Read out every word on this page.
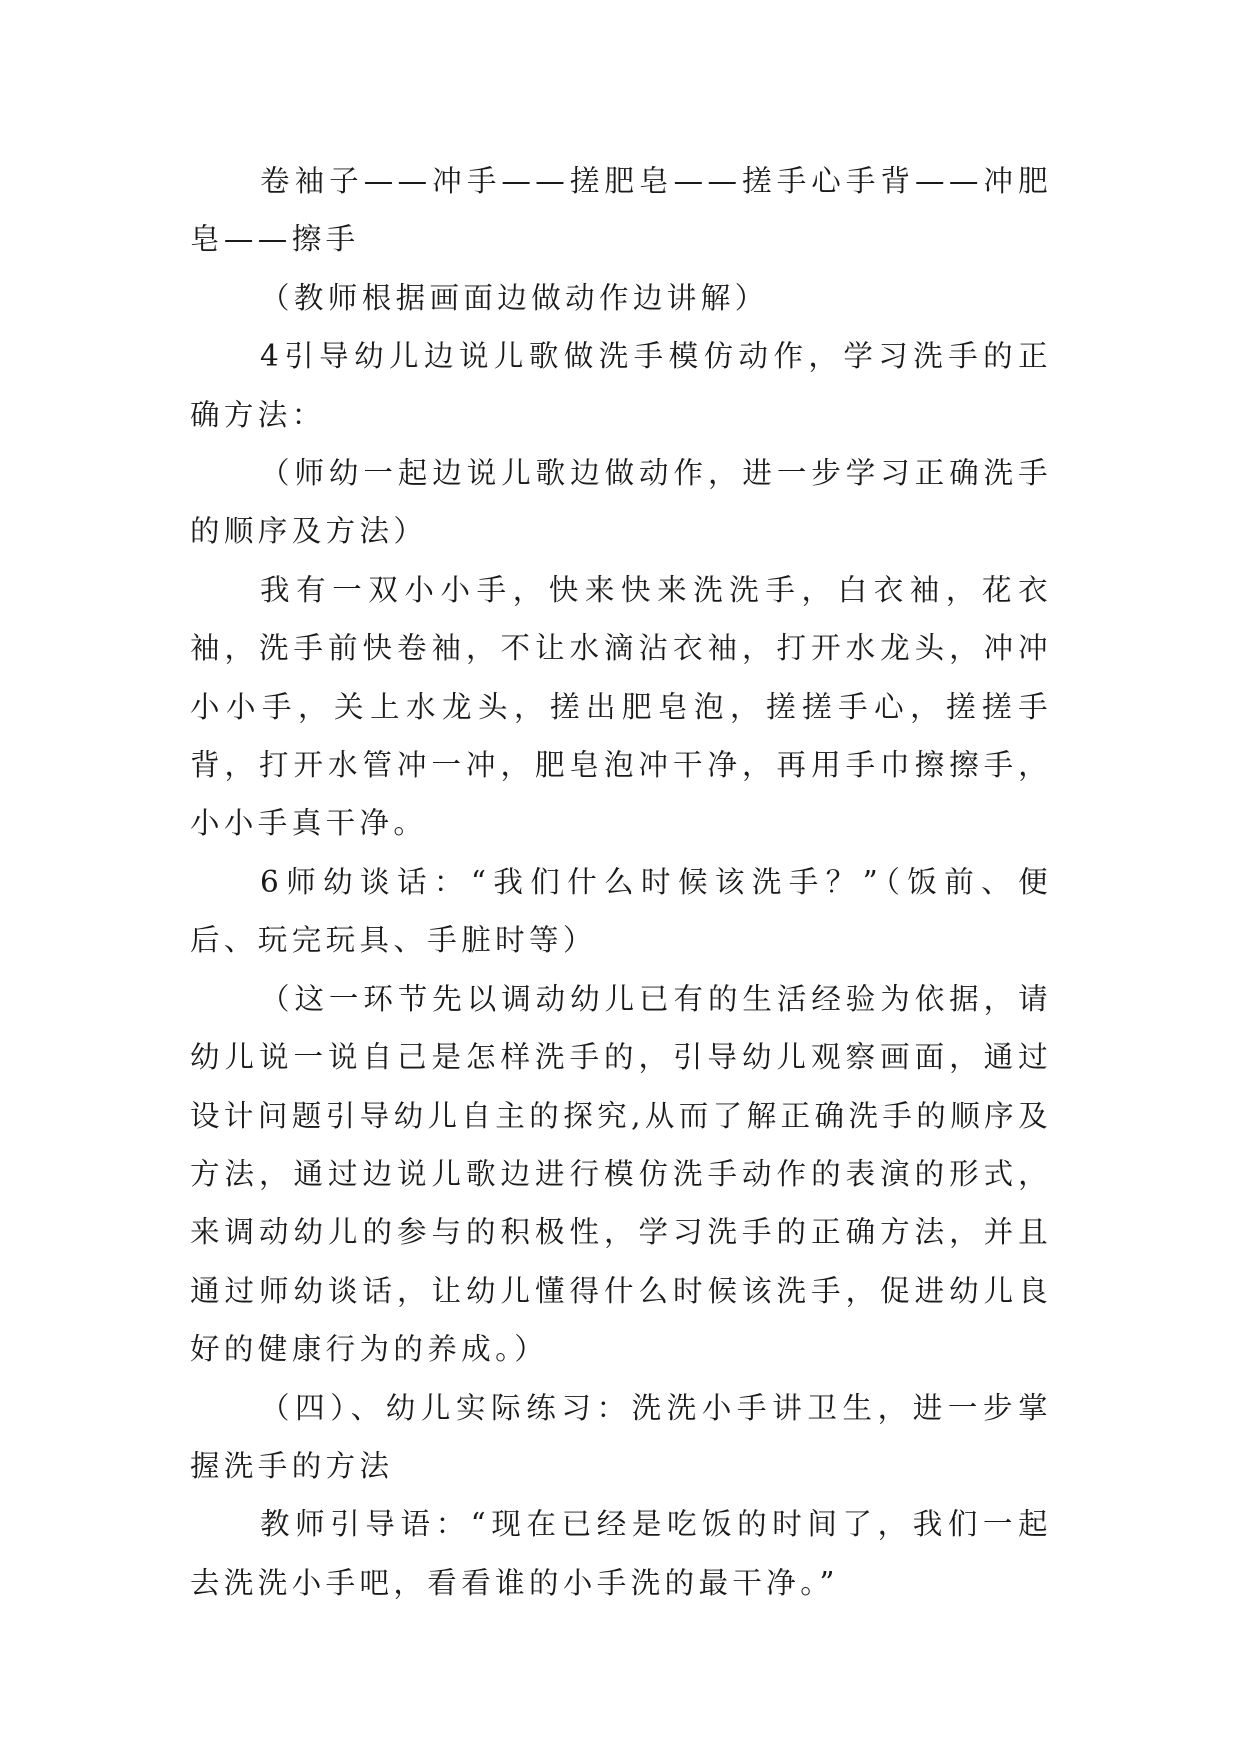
卷袖子——冲手——搓肥皂——搓手心手背——冲肥皂——擦手

（教师根据画面边做动作边讲解）

4引导幼儿边说儿歌做洗手模仿动作，学习洗手的正确方法：

（师幼一起边说儿歌边做动作，进一步学习正确洗手的顺序及方法）

我有一双小小手，快来快来洗洗手，白衣袖，花衣袖，洗手前快卷袖，不让水滴沾衣袖，打开水龙头，冲冲小小手，关上水龙头，搓出肥皂泡，搓搓手心，搓搓手背，打开水管冲一冲，肥皂泡冲干净，再用手巾擦擦手，小小手真干净。

6师幼谈话：“我们什么时候该洗手？”（饭前、便后、玩完玩具、手脏时等）

（这一环节先以调动幼儿已有的生活经验为依据，请幼儿说一说自己是怎样洗手的，引导幼儿观察画面，通过设计问题引导幼儿自主的探究,从而了解正确洗手的顺序及方法，通过边说儿歌边进行模仿洗手动作的表演的形式，来调动幼儿的参与的积极性，学习洗手的正确方法，并且通过师幼谈话，让幼儿懂得什么时候该洗手，促进幼儿良好的健康行为的养成。）

（四）、幼儿实际练习：洗洗小手讲卫生，进一步掌握洗手的方法

教师引导语：“现在已经是吃饭的时间了，我们一起去洗洗小手吧，看看谁的小手洗的最干净。”
